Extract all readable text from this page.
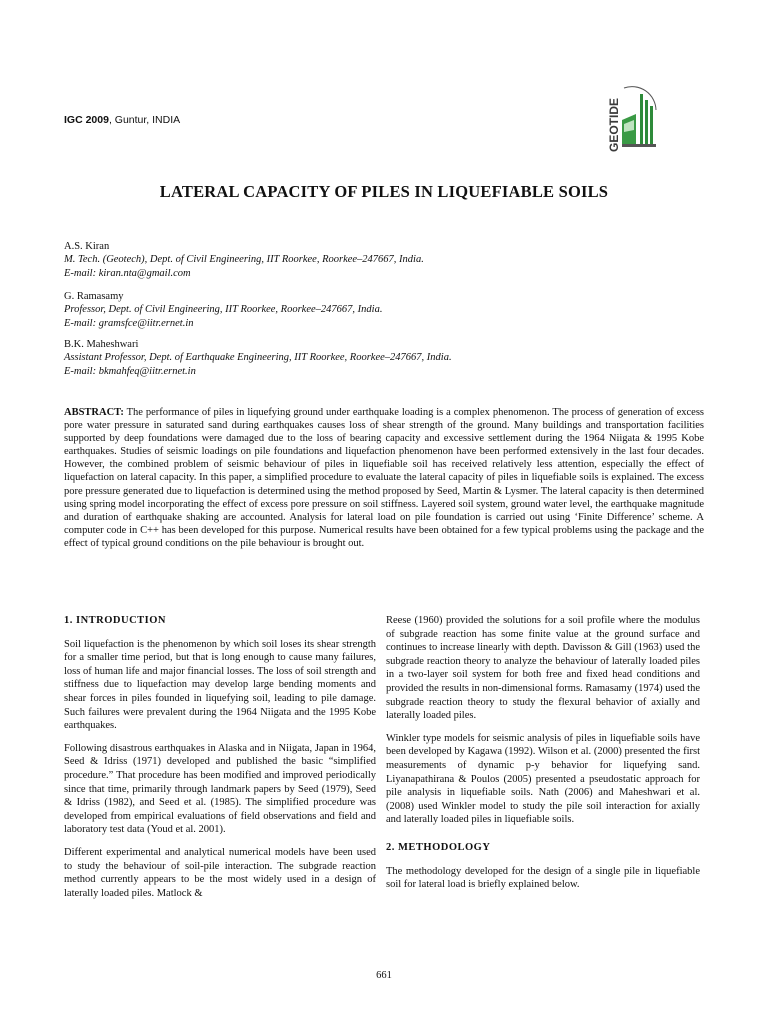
IGC 2009, Guntur, INDIA	GEOTIDE
LATERAL CAPACITY OF PILES IN LIQUEFIABLE SOILS
A.S. Kiran
M. Tech. (Geotech), Dept. of Civil Engineering, IIT Roorkee, Roorkee–247667, India.
E-mail: kiran.nta@gmail.com
G. Ramasamy
Professor, Dept. of Civil Engineering, IIT Roorkee, Roorkee–247667, India.
E-mail: gramsfce@iitr.ernet.in
B.K. Maheshwari
Assistant Professor, Dept. of Earthquake Engineering, IIT Roorkee, Roorkee–247667, India.
E-mail: bkmahfeq@iitr.ernet.in
ABSTRACT: The performance of piles in liquefying ground under earthquake loading is a complex phenomenon. The process of generation of excess pore water pressure in saturated sand during earthquakes causes loss of shear strength of the ground. Many buildings and transportation facilities supported by deep foundations were damaged due to the loss of bearing capacity and excessive settlement during the 1964 Niigata & 1995 Kobe earthquakes. Studies of seismic loadings on pile foundations and liquefaction phenomenon have been performed extensively in the last four decades. However, the combined problem of seismic behaviour of piles in liquefiable soil has received relatively less attention, especially the effect of liquefaction on lateral capacity. In this paper, a simplified procedure to evaluate the lateral capacity of piles in liquefiable soils is explained. The excess pore pressure generated due to liquefaction is determined using the method proposed by Seed, Martin & Lysmer. The lateral capacity is then determined using spring model incorporating the effect of excess pore pressure on soil stiffness. Layered soil system, ground water level, the earthquake magnitude and duration of earthquake shaking are accounted. Analysis for lateral load on pile foundation is carried out using ‘Finite Difference’ scheme. A computer code in C++ has been developed for this purpose. Numerical results have been obtained for a few typical problems using the package and the effect of typical ground conditions on the pile behaviour is brought out.
1. INTRODUCTION

Soil liquefaction is the phenomenon by which soil loses its shear strength for a smaller time period, but that is long enough to cause many failures, loss of human life and major financial losses. The loss of soil strength and stiffness due to liquefaction may develop large bending moments and shear forces in piles founded in liquefying soil, leading to pile damage. Such failures were prevalent during the 1964 Niigata and the 1995 Kobe earthquakes.

Following disastrous earthquakes in Alaska and in Niigata, Japan in 1964, Seed & Idriss (1971) developed and published the basic “simplified procedure.” That procedure has been modified and improved periodically since that time, primarily through landmark papers by Seed (1979), Seed & Idriss (1982), and Seed et al. (1985). The simplified procedure was developed from empirical evaluations of field observations and field and laboratory test data (Youd et al. 2001).

Different experimental and analytical numerical models have been used to study the behaviour of soil-pile interaction. The subgrade reaction method currently appears to be the most widely used in a design of laterally loaded piles. Matlock &

Reese (1960) provided the solutions for a soil profile where the modulus of subgrade reaction has some finite value at the ground surface and continues to increase linearly with depth. Davisson & Gill (1963) used the subgrade reaction theory to analyze the behaviour of laterally loaded piles in a two-layer soil system for both free and fixed head conditions and provided the results in non-dimensional forms. Ramasamy (1974) used the subgrade reaction theory to study the flexural behavior of axially and laterally loaded piles.

Winkler type models for seismic analysis of piles in liquefiable soils have been developed by Kagawa (1992). Wilson et al. (2000) presented the first measurements of dynamic p-y behavior for liquefying sand. Liyanapathirana & Poulos (2005) presented a pseudostatic approach for pile analysis in liquefiable soils. Nath (2006) and Maheshwari et al. (2008) used Winkler model to study the pile soil interaction for axially and laterally loaded piles in liquefiable soils.

2. METHODOLOGY

The methodology developed for the design of a single pile in liquefiable soil for lateral load is briefly explained below.

661
